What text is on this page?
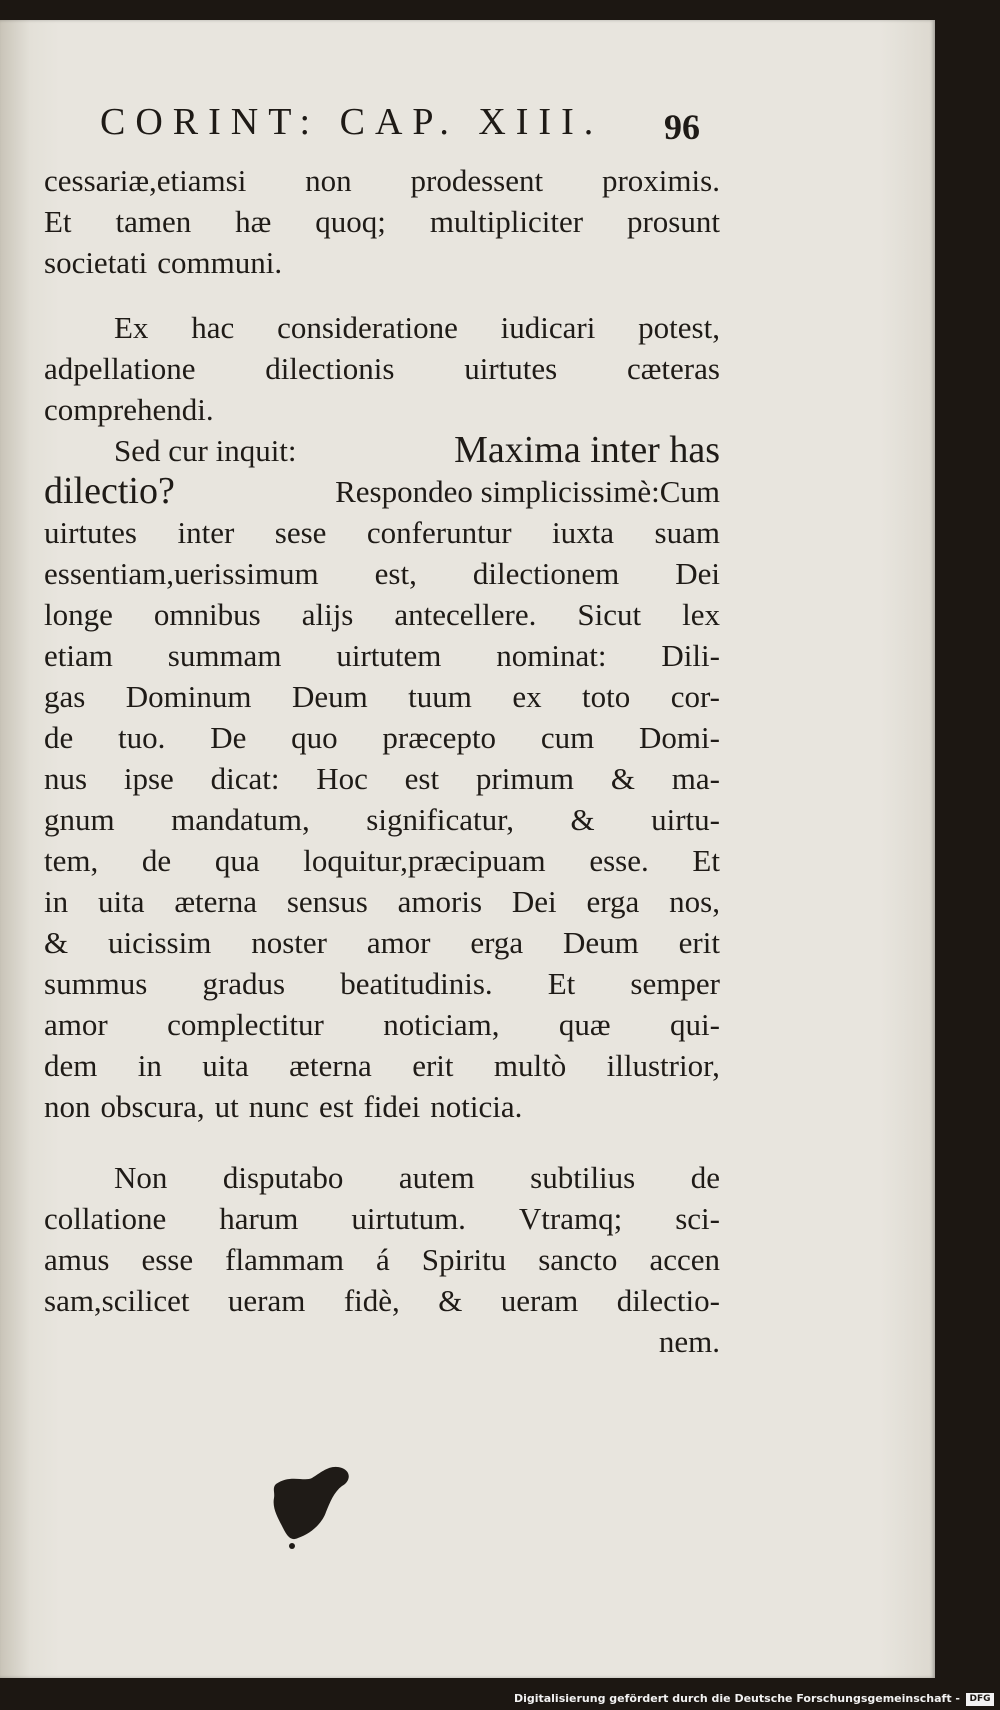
CORINT: CAP. XIII. 96
cessariæ,etiamsi non prodessent proximis.
Et tamen hæ quoq; multipliciter prosunt
societati communi.
Ex hac consideratione iudicari potest,
adpellatione dilectionis uirtutes cæteras
comprehendi.
Sed cur inquit:	Maxima inter has
dilectio?	Respondeo simplicissimè:Cum
uirtutes inter sese conferuntur iuxta suam
essentiam,uerissimum est, dilectionem Dei
longe omnibus alijs antecellere. Sicut lex
etiam summam uirtutem nominat: Dili-
gas Dominum Deum tuum ex toto cor-
de tuo. De quo præcepto cum Domi-
nus ipse dicat: Hoc est primum & ma-
gnum mandatum, significatur, & uirtu-
tem, de qua loquitur,præcipuam esse. Et
in uita æterna sensus amoris Dei erga nos,
& uicissim noster amor erga Deum erit
summus gradus beatitudinis. Et semper
amor complectitur noticiam, quæ qui-
dem in uita æterna erit multò illustrior,
non obscura, ut nunc est fidei noticia.
Non disputabo autem subtilius de
collatione harum uirtutum. Vtramq; sci-
amus esse flammam á Spiritu sancto accen
sam,scilicet ueram fidè, & ueram dilectio-
nem.
Digitalisierung gefördert durch die Deutsche Forschungsgemeinschaft -	DFG
